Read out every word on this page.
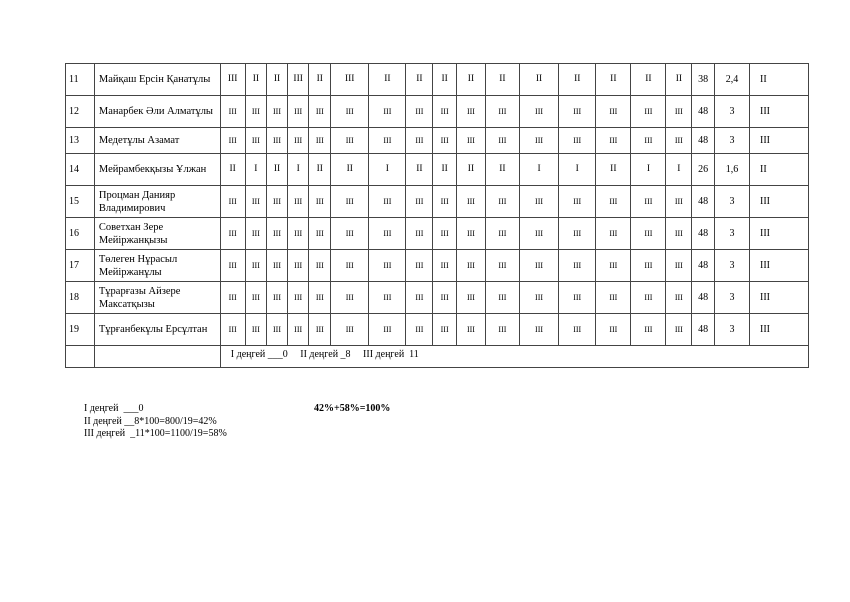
11	Майқаш Ерсін Қанатұлы	III	II	II	III	II	III	II	II	II	II	II	II	II	II	II	II	38	2,4	II
12	Манарбек Әли Алматұлы	III	III	III	III	III	III	III	III	III	III	III	III	III	III	III	III	48	3	III
13	Медетұлы Азамат	III	III	III	III	III	III	III	III	III	III	III	III	III	III	III	III	48	3	III
14	Мейрамбекқызы Ұлжан	II	I	II	I	II	II	I	II	II	II	II	I	I	II	I	I	26	1,6	II
15	Процман Данияр Владимирович	III	III	III	III	III	III	III	III	III	III	III	III	III	III	III	III	48	3	III
16	Советхан Зере Мейіржанқызы	III	III	III	III	III	III	III	III	III	III	III	III	III	III	III	III	48	3	III
17	Төлеген Нұрасыл Мейіржанұлы	III	III	III	III	III	III	III	III	III	III	III	III	III	III	III	III	48	3	III
18	Тұрарғазы Айзере Максатқызы	III	III	III	III	III	III	III	III	III	III	III	III	III	III	III	III	48	3	III
19	Тұрғанбекұлы Ерсұлтан	III	III	III	III	III	III	III	III	III	III	III	III	III	III	III	III	48	3	III
		I деңгей ___0     II деңгей _8     III деңгей  11																		
I деңгей  ___0
II деңгей __8*100=800/19=42%
III деңгей  _11*100=1100/19=58%
42%+58%=100%
